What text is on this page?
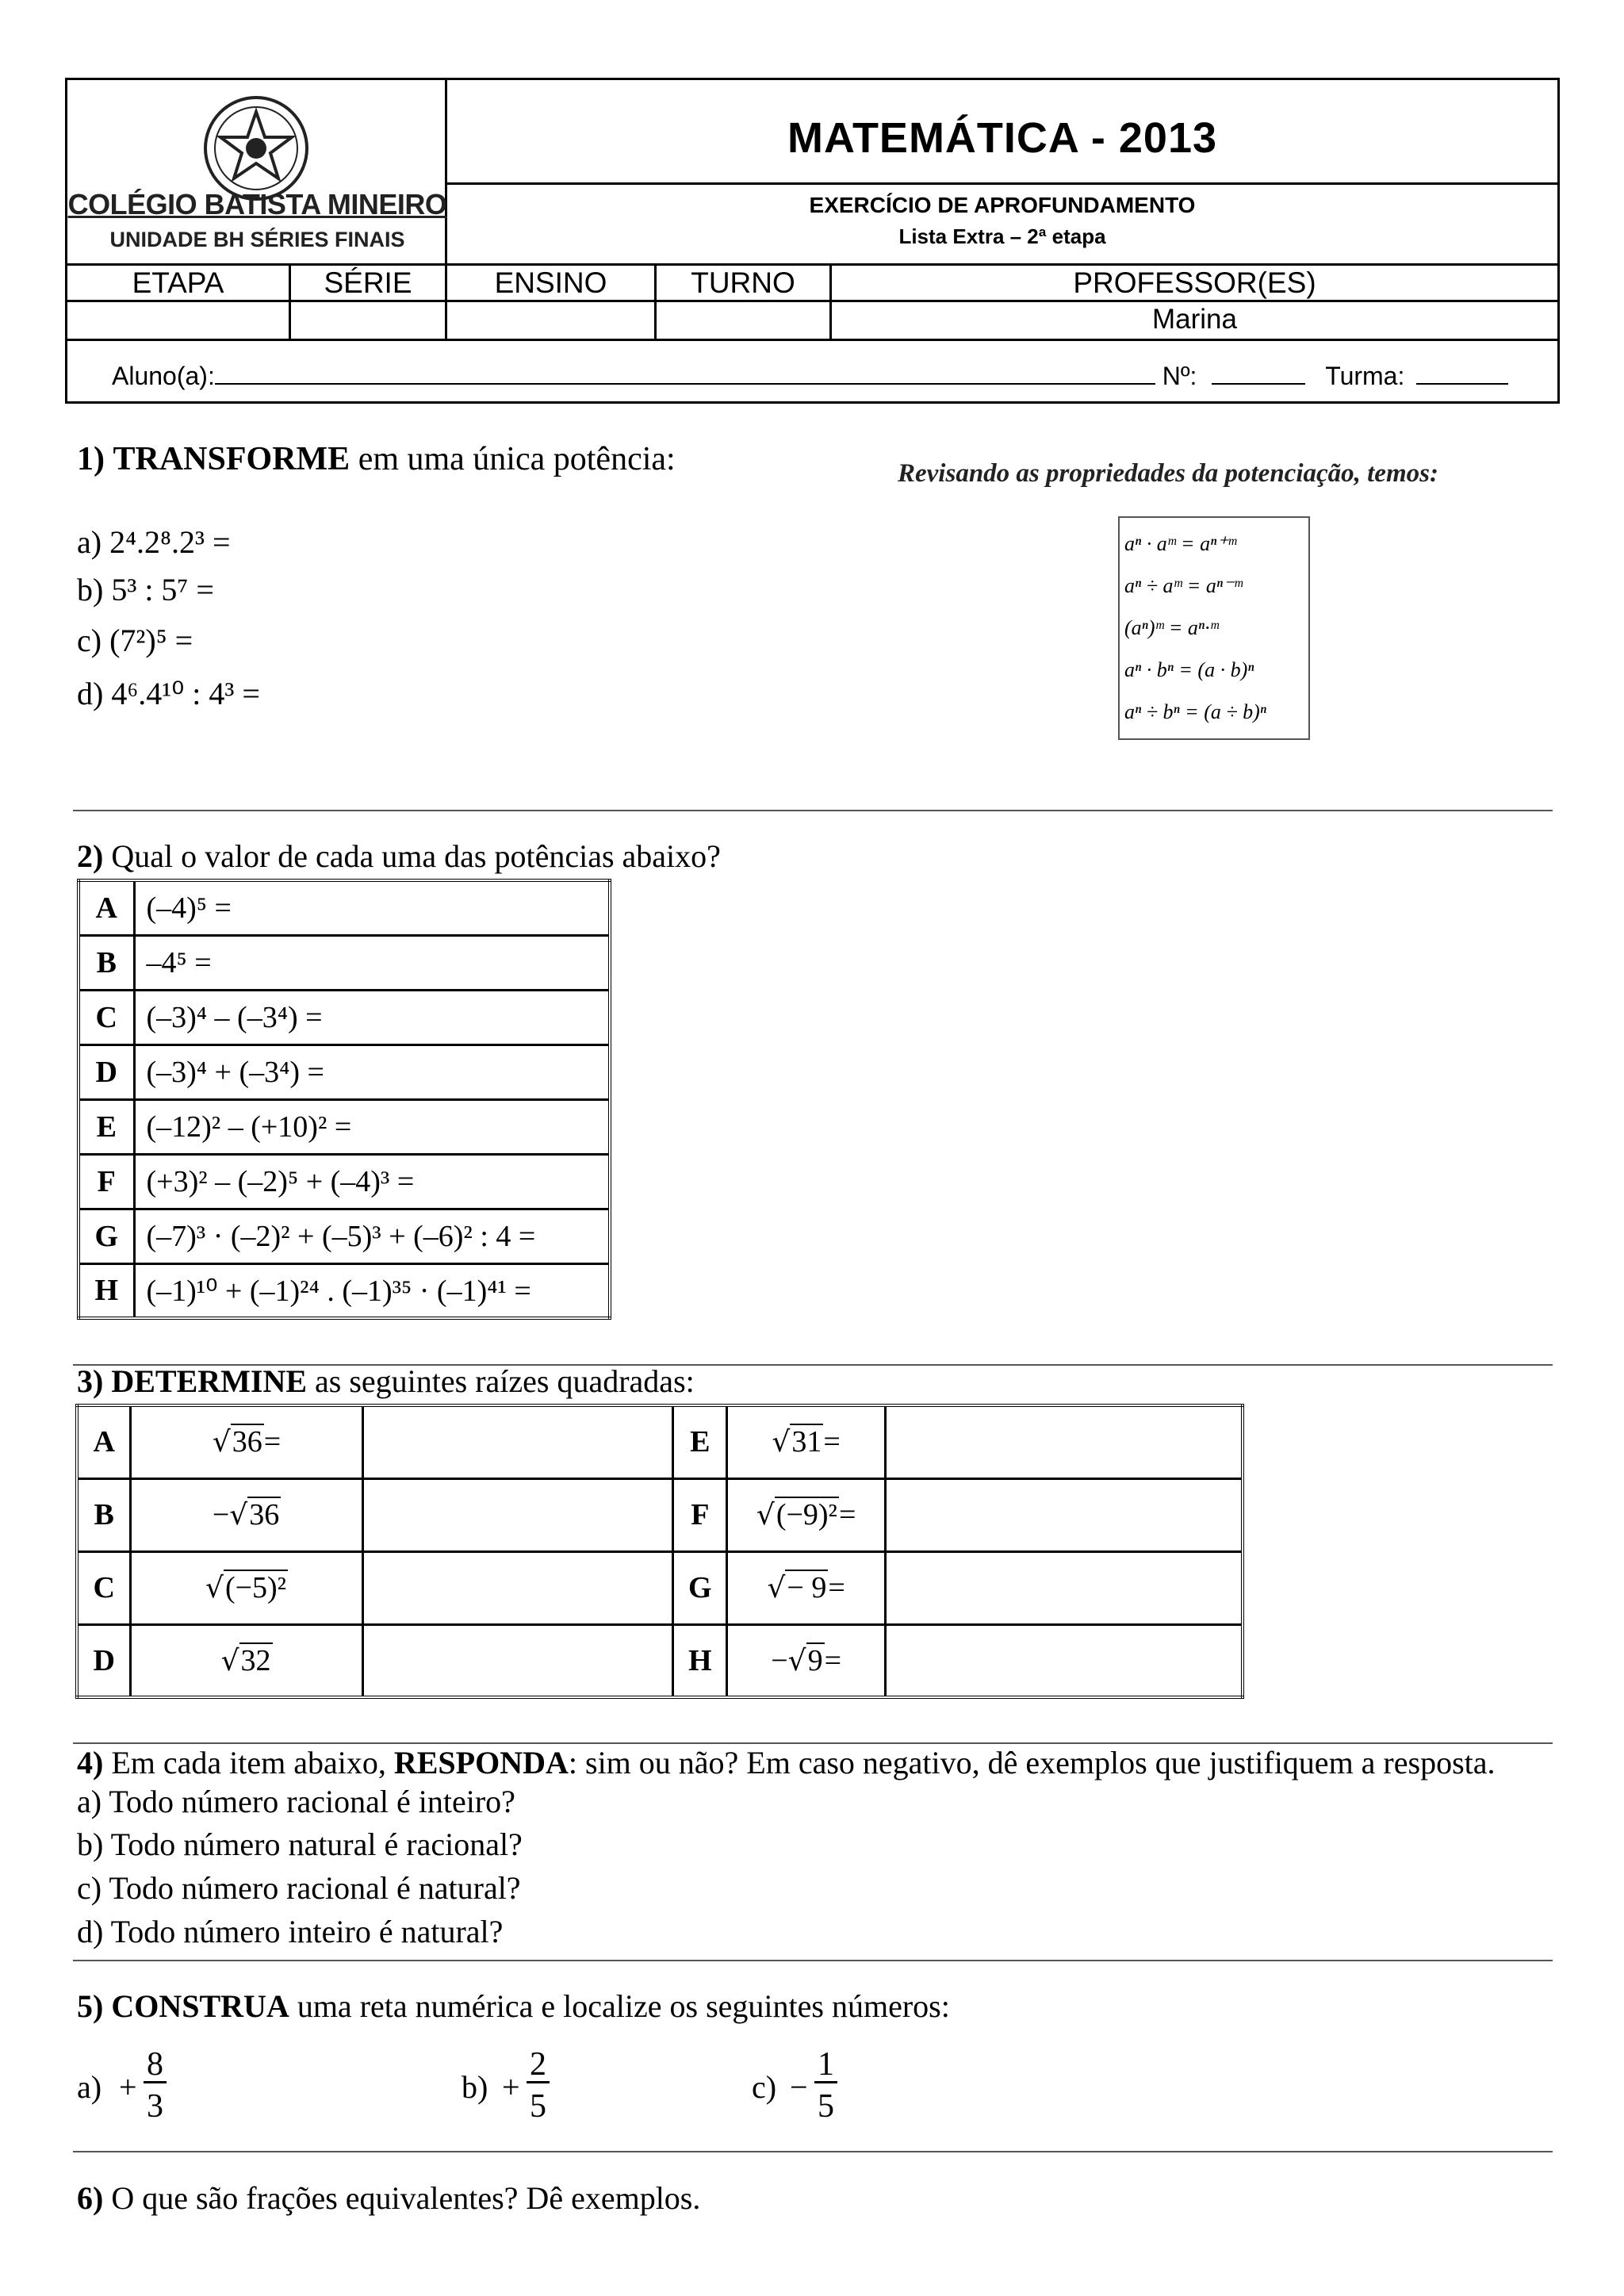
COLÉGIO BATISTA MINEIRO
UNIDADE BH SÉRIES FINAIS
MATEMÁTICA - 2013
EXERCÍCIO DE APROFUNDAMENTO
Lista Extra – 2ª etapa
ETAPA	SÉRIE	ENSINO	TURNO	PROFESSOR(ES)
Marina
Aluno(a):	Nº:	Turma:
1) TRANSFORME em uma única potência:
a) 2⁴.2⁸.2³ =
b) 5³ : 5⁷ =
c) (7²)⁵ =
d) 4⁶.4¹⁰ : 4³ =
Revisando as propriedades da potenciação, temos:
aⁿ · aᵐ = aⁿ⁺ᵐ
aⁿ ÷ aᵐ = aⁿ⁻ᵐ
(aⁿ)ᵐ = aⁿ·ᵐ
aⁿ · bⁿ = (a · b)ⁿ
aⁿ ÷ bⁿ = (a ÷ b)ⁿ
2) Qual o valor de cada uma das potências abaixo?
A	(–4)⁵ =
B	–4⁵ =
C	(–3)⁴ – (–3⁴) =
D	(–3)⁴ + (–3⁴) =
E	(–12)² – (+10)² =
F	(+3)² – (–2)⁵ + (–4)³ =
G	(–7)³ · (–2)² + (–5)³ + (–6)² : 4 =
H	(–1)¹⁰ + (–1)²⁴ . (–1)³⁵ · (–1)⁴¹ =
3) DETERMINE as seguintes raízes quadradas:
A	√36=		E	√31=	
B	−√36		F	√(−9)²=	
C	√(−5)²		G	√− 9=	
D	√32		H	−√9=	
4) Em cada item abaixo, RESPONDA: sim ou não? Em caso negativo, dê exemplos que justifiquem a resposta.
a) Todo número racional é inteiro?
b) Todo número natural é racional?
c) Todo número racional é natural?
d) Todo número inteiro é natural?
5) CONSTRUA uma reta numérica e localize os seguintes números:
$a) + \frac{8}{3}$	$b) + \frac{2}{5}$	$c) - \frac{1}{5}$
6) O que são frações equivalentes? Dê exemplos.
